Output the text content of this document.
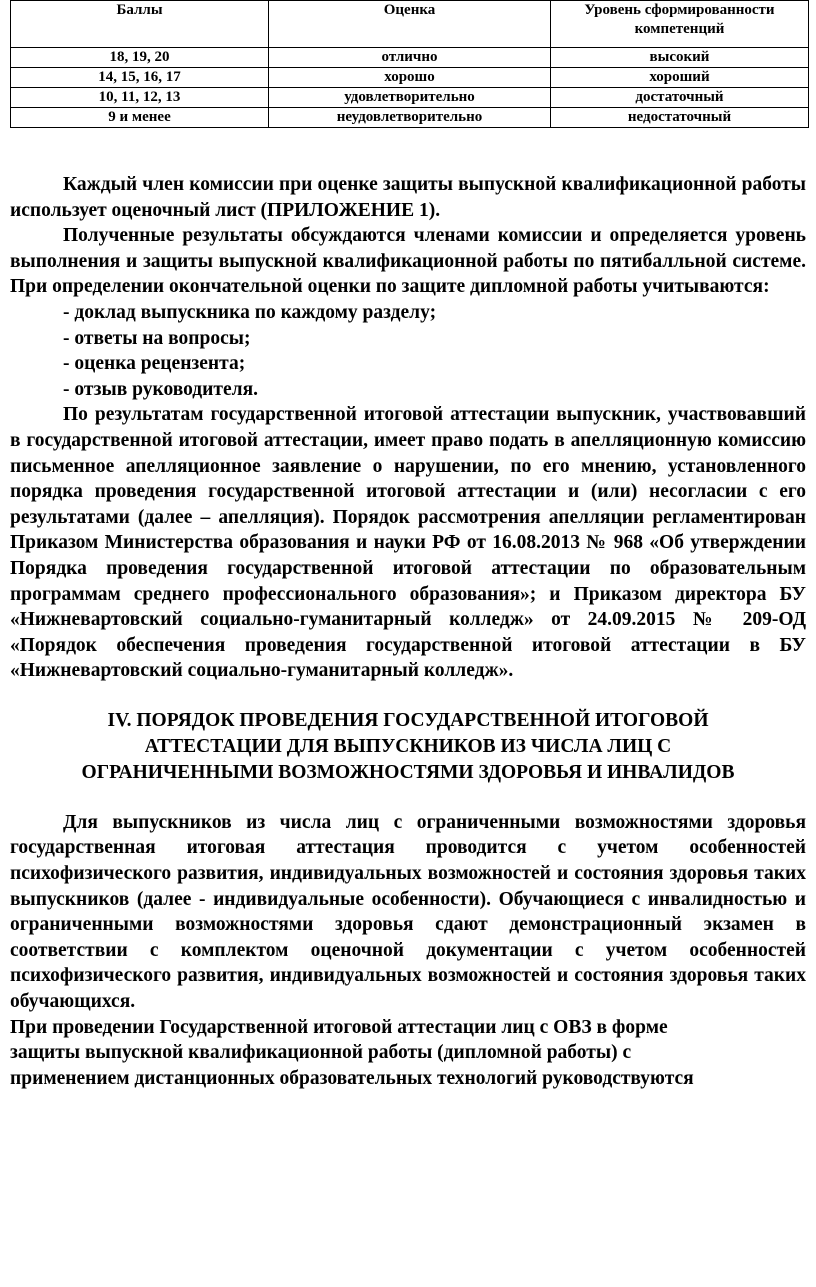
Баллы	Оценка	Уровень сформированности компетенций
18, 19, 20	отлично	высокий
14, 15, 16, 17	хорошо	хороший
10, 11, 12, 13	удовлетворительно	достаточный
9 и менее	неудовлетворительно	недостаточный

Каждый член комиссии при оценке защиты выпускной квалификационной работы использует оценочный лист (ПРИЛОЖЕНИЕ 1).

Полученные результаты обсуждаются членами комиссии и определяется уровень выполнения и защиты выпускной квалификационной работы по пятибалльной системе. При определении окончательной оценки по защите дипломной работы учитываются:

- доклад выпускника по каждому разделу;

- ответы на вопросы;

- оценка рецензента;

- отзыв руководителя.

По результатам государственной итоговой аттестации выпускник, участвовавший в государственной итоговой аттестации, имеет право подать в апелляционную комиссию письменное апелляционное заявление о нарушении, по его мнению, установленного порядка проведения государственной итоговой аттестации и (или) несогласии с его результатами (далее – апелляция). Порядок рассмотрения апелляции регламентирован Приказом Министерства образования и науки РФ от 16.08.2013 № 968 «Об утверждении Порядка проведения государственной итоговой аттестации по образовательным программам среднего профессионального образования»; и Приказом директора БУ «Нижневартовский социально-гуманитарный колледж» от 24.09.2015 № 209-ОД «Порядок обеспечения проведения государственной итоговой аттестации в БУ «Нижневартовский социально-гуманитарный колледж».

IV. ПОРЯДОК ПРОВЕДЕНИЯ ГОСУДАРСТВЕННОЙ ИТОГОВОЙ
АТТЕСТАЦИИ ДЛЯ ВЫПУСКНИКОВ ИЗ ЧИСЛА ЛИЦ С
ОГРАНИЧЕННЫМИ ВОЗМОЖНОСТЯМИ ЗДОРОВЬЯ И ИНВАЛИДОВ

Для выпускников из числа лиц с ограниченными возможностями здоровья государственная итоговая аттестация проводится с учетом особенностей психофизического развития, индивидуальных возможностей и состояния здоровья таких выпускников (далее - индивидуальные особенности). Обучающиеся с инвалидностью и ограниченными возможностями здоровья сдают демонстрационный экзамен в соответствии с комплектом оценочной документации с учетом особенностей психофизического развития, индивидуальных возможностей и состояния здоровья таких обучающихся.

При проведении Государственной итоговой аттестации лиц с ОВЗ в форме
защиты выпускной квалификационной работы (дипломной работы) с
применением дистанционных образовательных технологий руководствуются
